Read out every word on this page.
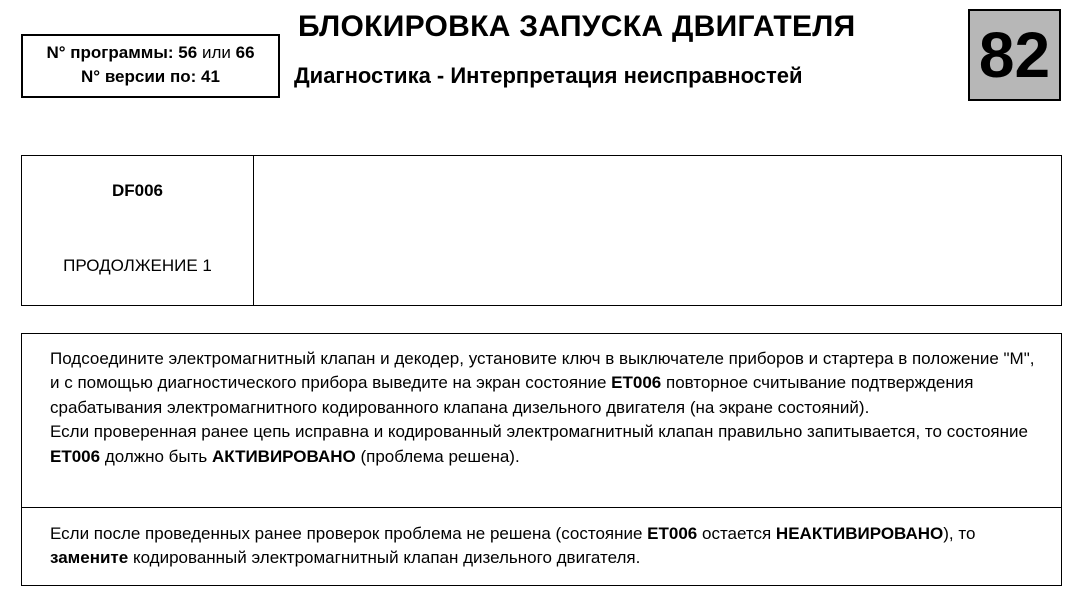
N° программы: 56 или 66
N° версии по: 41
БЛОКИРОВКА ЗАПУСКА ДВИГАТЕЛЯ
Диагностика - Интерпретация неисправностей	82
DF006
ПРОДОЛЖЕНИЕ 1
Подсоедините электромагнитный клапан и декодер, установите ключ в выключателе приборов и стартера в положение "М", и с помощью диагностического прибора выведите на экран состояние ЕТ006 повторное считывание подтверждения срабатывания электромагнитного кодированного клапана дизельного двигателя (на экране состояний).
Если проверенная ранее цепь исправна и кодированный электромагнитный клапан правильно запитывается, то состояние ЕТ006 должно быть АКТИВИРОВАНО (проблема решена).
Если после проведенных ранее проверок проблема не решена (состояние ЕТ006 остается НЕАКТИВИРОВАНО), то замените кодированный электромагнитный клапан дизельного двигателя.
